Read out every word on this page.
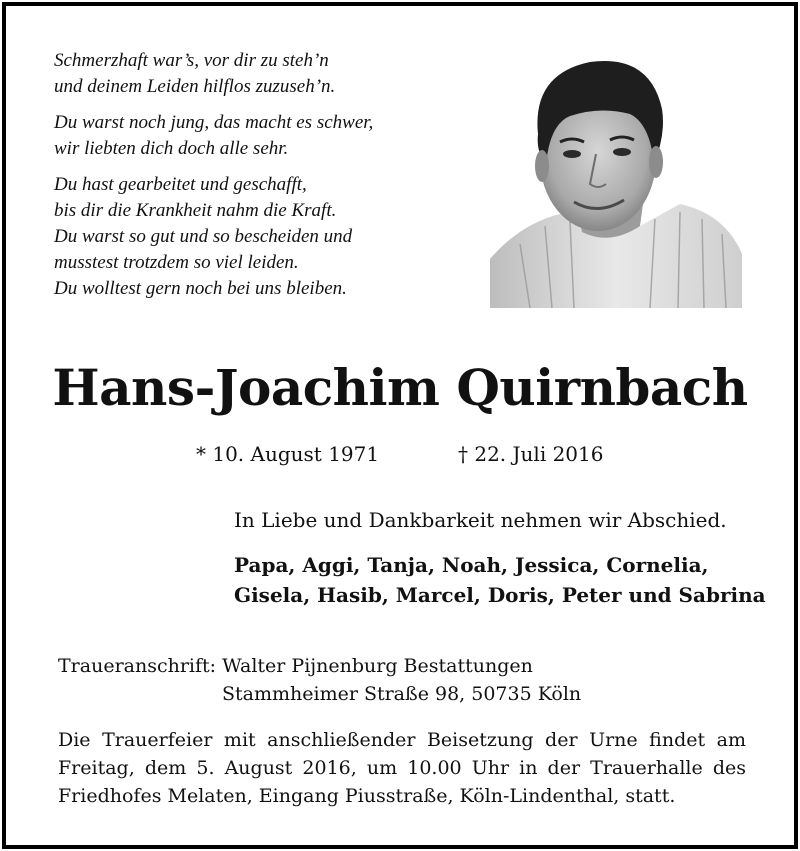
Schmerzhaft war’s, vor dir zu steh’n
und deinem Leiden hilflos zuzuseh’n.
Du warst noch jung, das macht es schwer,
wir liebten dich doch alle sehr.
Du hast gearbeitet und geschafft,
bis dir die Krankheit nahm die Kraft.
Du warst so gut und so bescheiden und
musstest trotzdem so viel leiden.
Du wolltest gern noch bei uns bleiben.
Hans-Joachim Quirnbach
* 10. August 1971	† 22. Juli 2016
In Liebe und Dankbarkeit nehmen wir Abschied.
Papa, Aggi, Tanja, Noah, Jessica, Cornelia,
Gisela, Hasib, Marcel, Doris, Peter und Sabrina
Traueranschrift: Walter Pijnenburg Bestattungen
Stammheimer Straße 98, 50735 Köln
Die Trauerfeier mit anschließender Beisetzung der Urne findet am Freitag, dem 5. August 2016, um 10.00 Uhr in der Trauerhalle des Friedhofes Melaten, Eingang Piusstraße, Köln-Lindenthal, statt.
